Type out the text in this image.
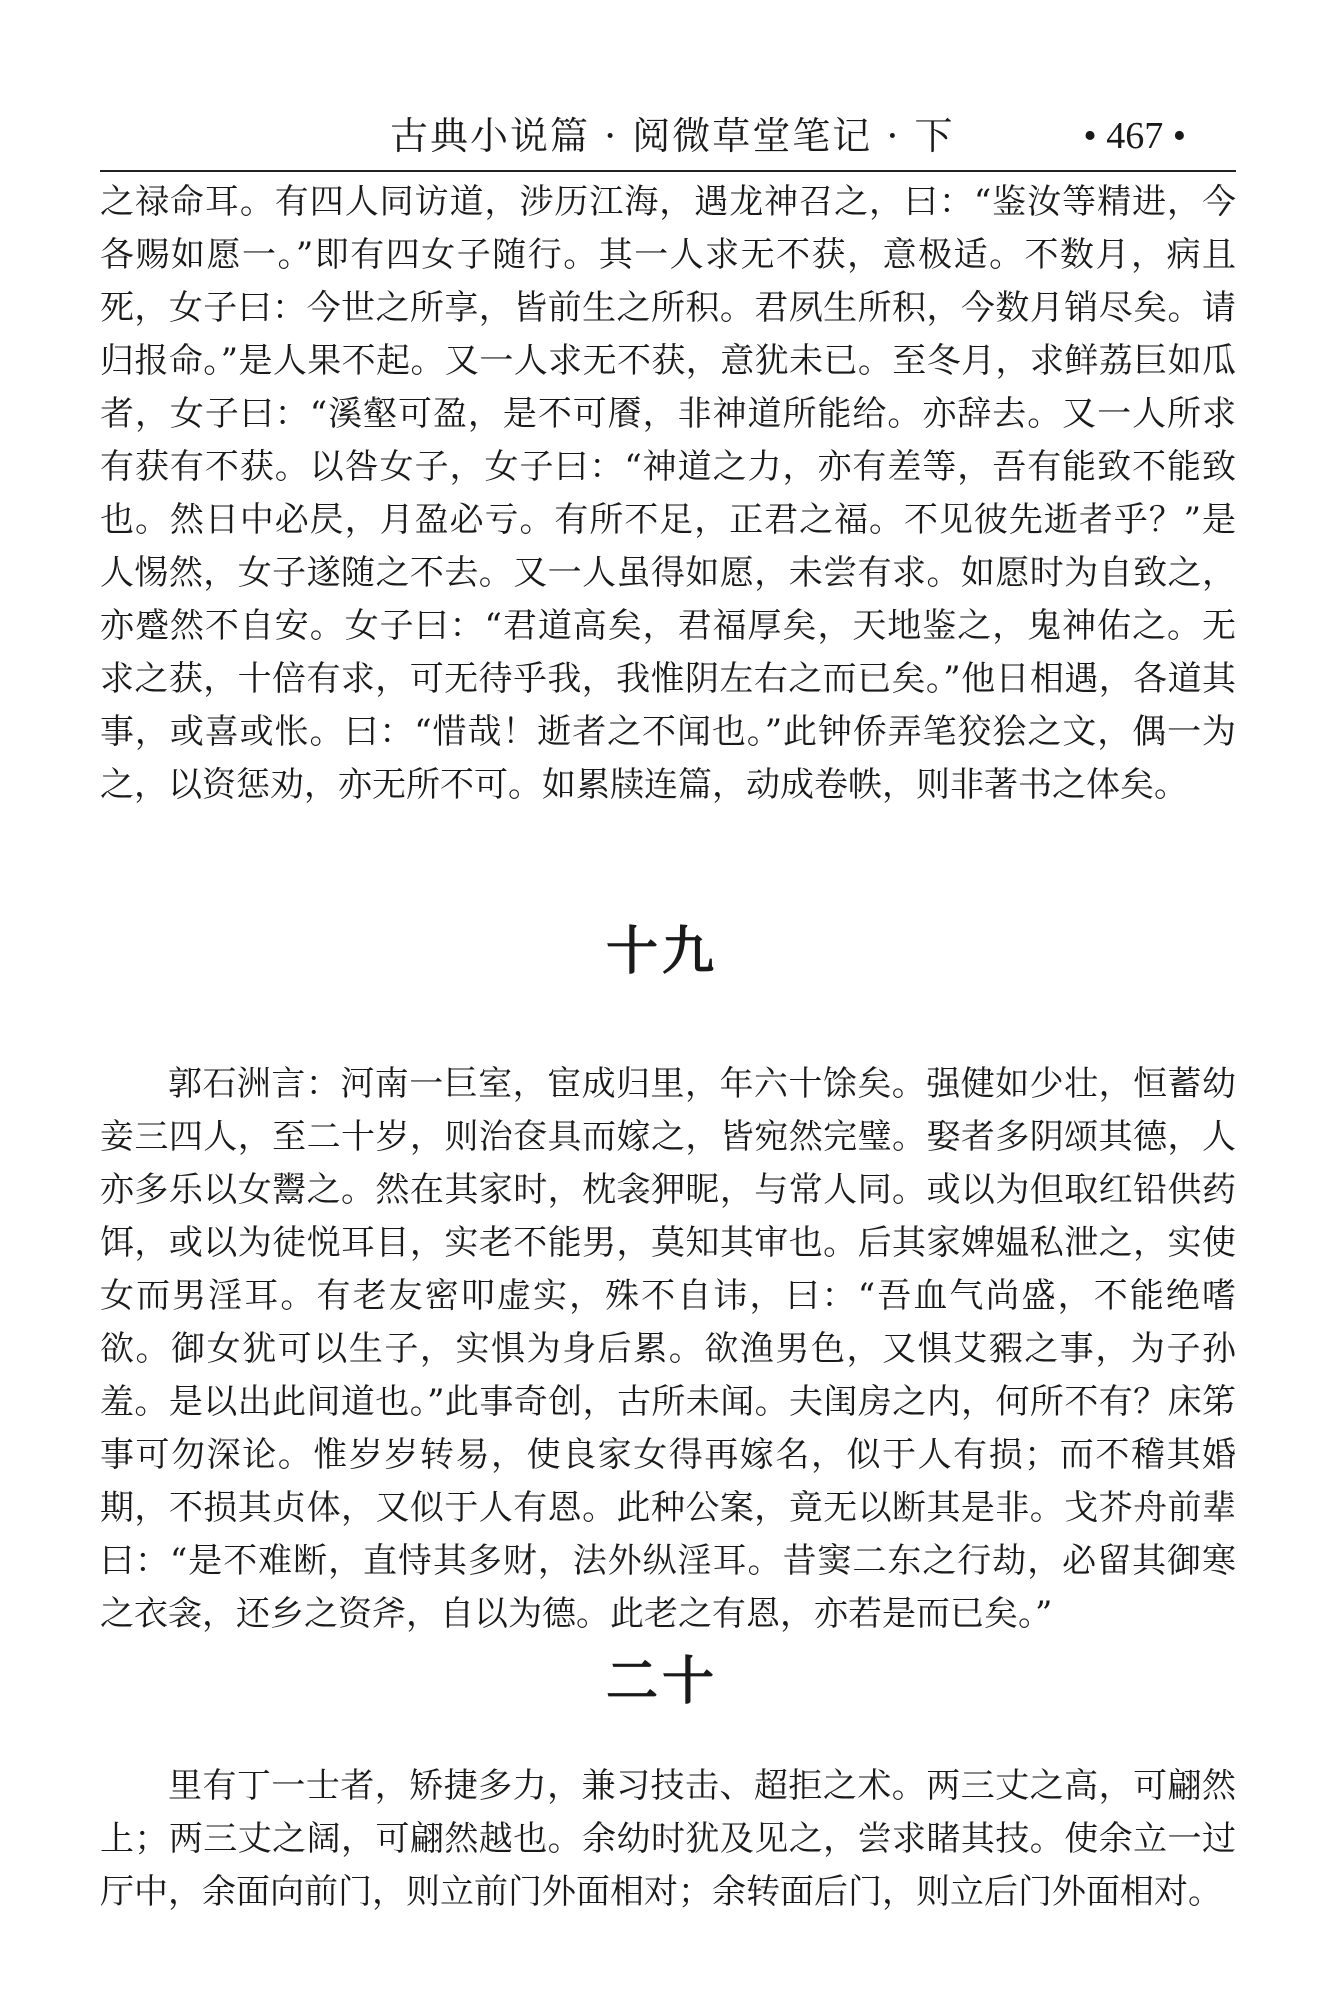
古典小说篇 · 阅微草堂笔记 · 下	• 467 •

之禄命耳。有四人同访道，涉历江海，遇龙神召之，曰：“鉴汝等精进，今各赐如愿一。”即有四女子随行。其一人求无不获，意极适。不数月，病且死，女子曰：今世之所享，皆前生之所积。君夙生所积，今数月销尽矣。请归报命。”是人果不起。又一人求无不获，意犹未已。至冬月，求鲜荔巨如瓜者，女子曰：“溪壑可盈，是不可餍，非神道所能给。亦辞去。又一人所求有获有不获。以咎女子，女子曰：“神道之力，亦有差等，吾有能致不能致也。然日中必昃，月盈必亏。有所不足，正君之福。不见彼先逝者乎？”是人惕然，女子遂随之不去。又一人虽得如愿，未尝有求。如愿时为自致之，亦蹙然不自安。女子曰：“君道高矣，君福厚矣，天地鉴之，鬼神佑之。无求之获，十倍有求，可无待乎我，我惟阴左右之而已矣。”他日相遇，各道其事，或喜或怅。曰：“惜哉！逝者之不闻也。”此钟侨弄笔狡狯之文，偶一为之，以资惩劝，亦无所不可。如累牍连篇，动成卷帙，则非著书之体矣。

十九

郭石洲言：河南一巨室，宦成归里，年六十馀矣。强健如少壮，恒蓄幼妾三四人，至二十岁，则治奁具而嫁之，皆宛然完璧。娶者多阴颂其德，人亦多乐以女鬻之。然在其家时，枕衾狎昵，与常人同。或以为但取红铅供药饵，或以为徒悦耳目，实老不能男，莫知其审也。后其家婢媪私泄之，实使女而男淫耳。有老友密叩虚实，殊不自讳，曰：“吾血气尚盛，不能绝嗜欲。御女犹可以生子，实惧为身后累。欲渔男色，又惧艾豭之事，为子孙羞。是以出此间道也。”此事奇创，古所未闻。夫闺房之内，何所不有？床笫事可勿深论。惟岁岁转易，使良家女得再嫁名，似于人有损；而不稽其婚期，不损其贞体，又似于人有恩。此种公案，竟无以断其是非。戈芥舟前辈曰：“是不难断，直恃其多财，法外纵淫耳。昔窦二东之行劫，必留其御寒之衣衾，还乡之资斧，自以为德。此老之有恩，亦若是而已矣。”

二十

里有丁一士者，矫捷多力，兼习技击、超拒之术。两三丈之高，可翩然上；两三丈之阔，可翩然越也。余幼时犹及见之，尝求睹其技。使余立一过厅中，余面向前门，则立前门外面相对；余转面后门，则立后门外面相对。
